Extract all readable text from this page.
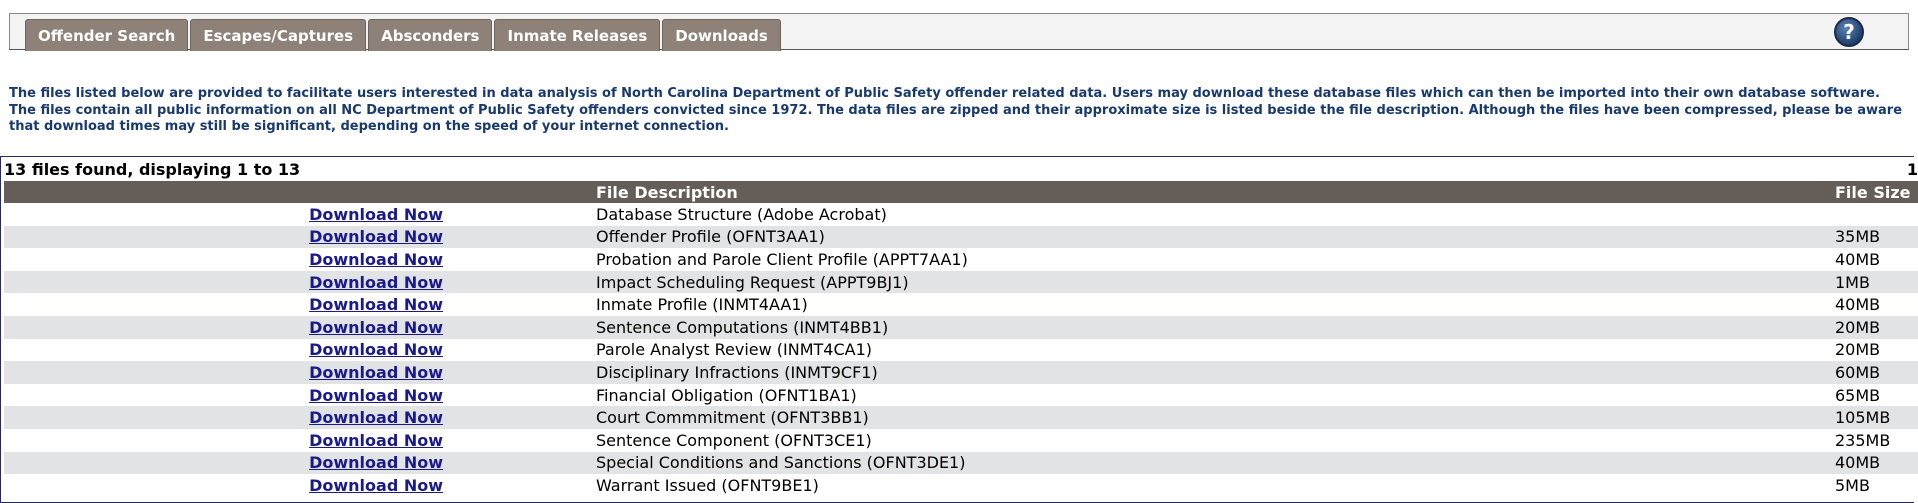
Offender Search	Escapes/Captures	Absconders	Inmate Releases	Downloads	?
The files listed below are provided to facilitate users interested in data analysis of North Carolina Department of Public Safety offender related data. Users may download these database files which can then be imported into their own database software. The files contain all public information on all NC Department of Public Safety offenders convicted since 1972. The data files are zipped and their approximate size is listed beside the file description. Although the files have been compressed, please be aware that download times may still be significant, depending on the speed of your internet connection.
13 files found, displaying 1 to 13	1
	File Description	File Size
Download Now	Database Structure (Adobe Acrobat)	
Download Now	Offender Profile (OFNT3AA1)	35MB
Download Now	Probation and Parole Client Profile (APPT7AA1)	40MB
Download Now	Impact Scheduling Request (APPT9BJ1)	1MB
Download Now	Inmate Profile (INMT4AA1)	40MB
Download Now	Sentence Computations (INMT4BB1)	20MB
Download Now	Parole Analyst Review (INMT4CA1)	20MB
Download Now	Disciplinary Infractions (INMT9CF1)	60MB
Download Now	Financial Obligation (OFNT1BA1)	65MB
Download Now	Court Commmitment (OFNT3BB1)	105MB
Download Now	Sentence Component (OFNT3CE1)	235MB
Download Now	Special Conditions and Sanctions (OFNT3DE1)	40MB
Download Now	Warrant Issued (OFNT9BE1)	5MB
